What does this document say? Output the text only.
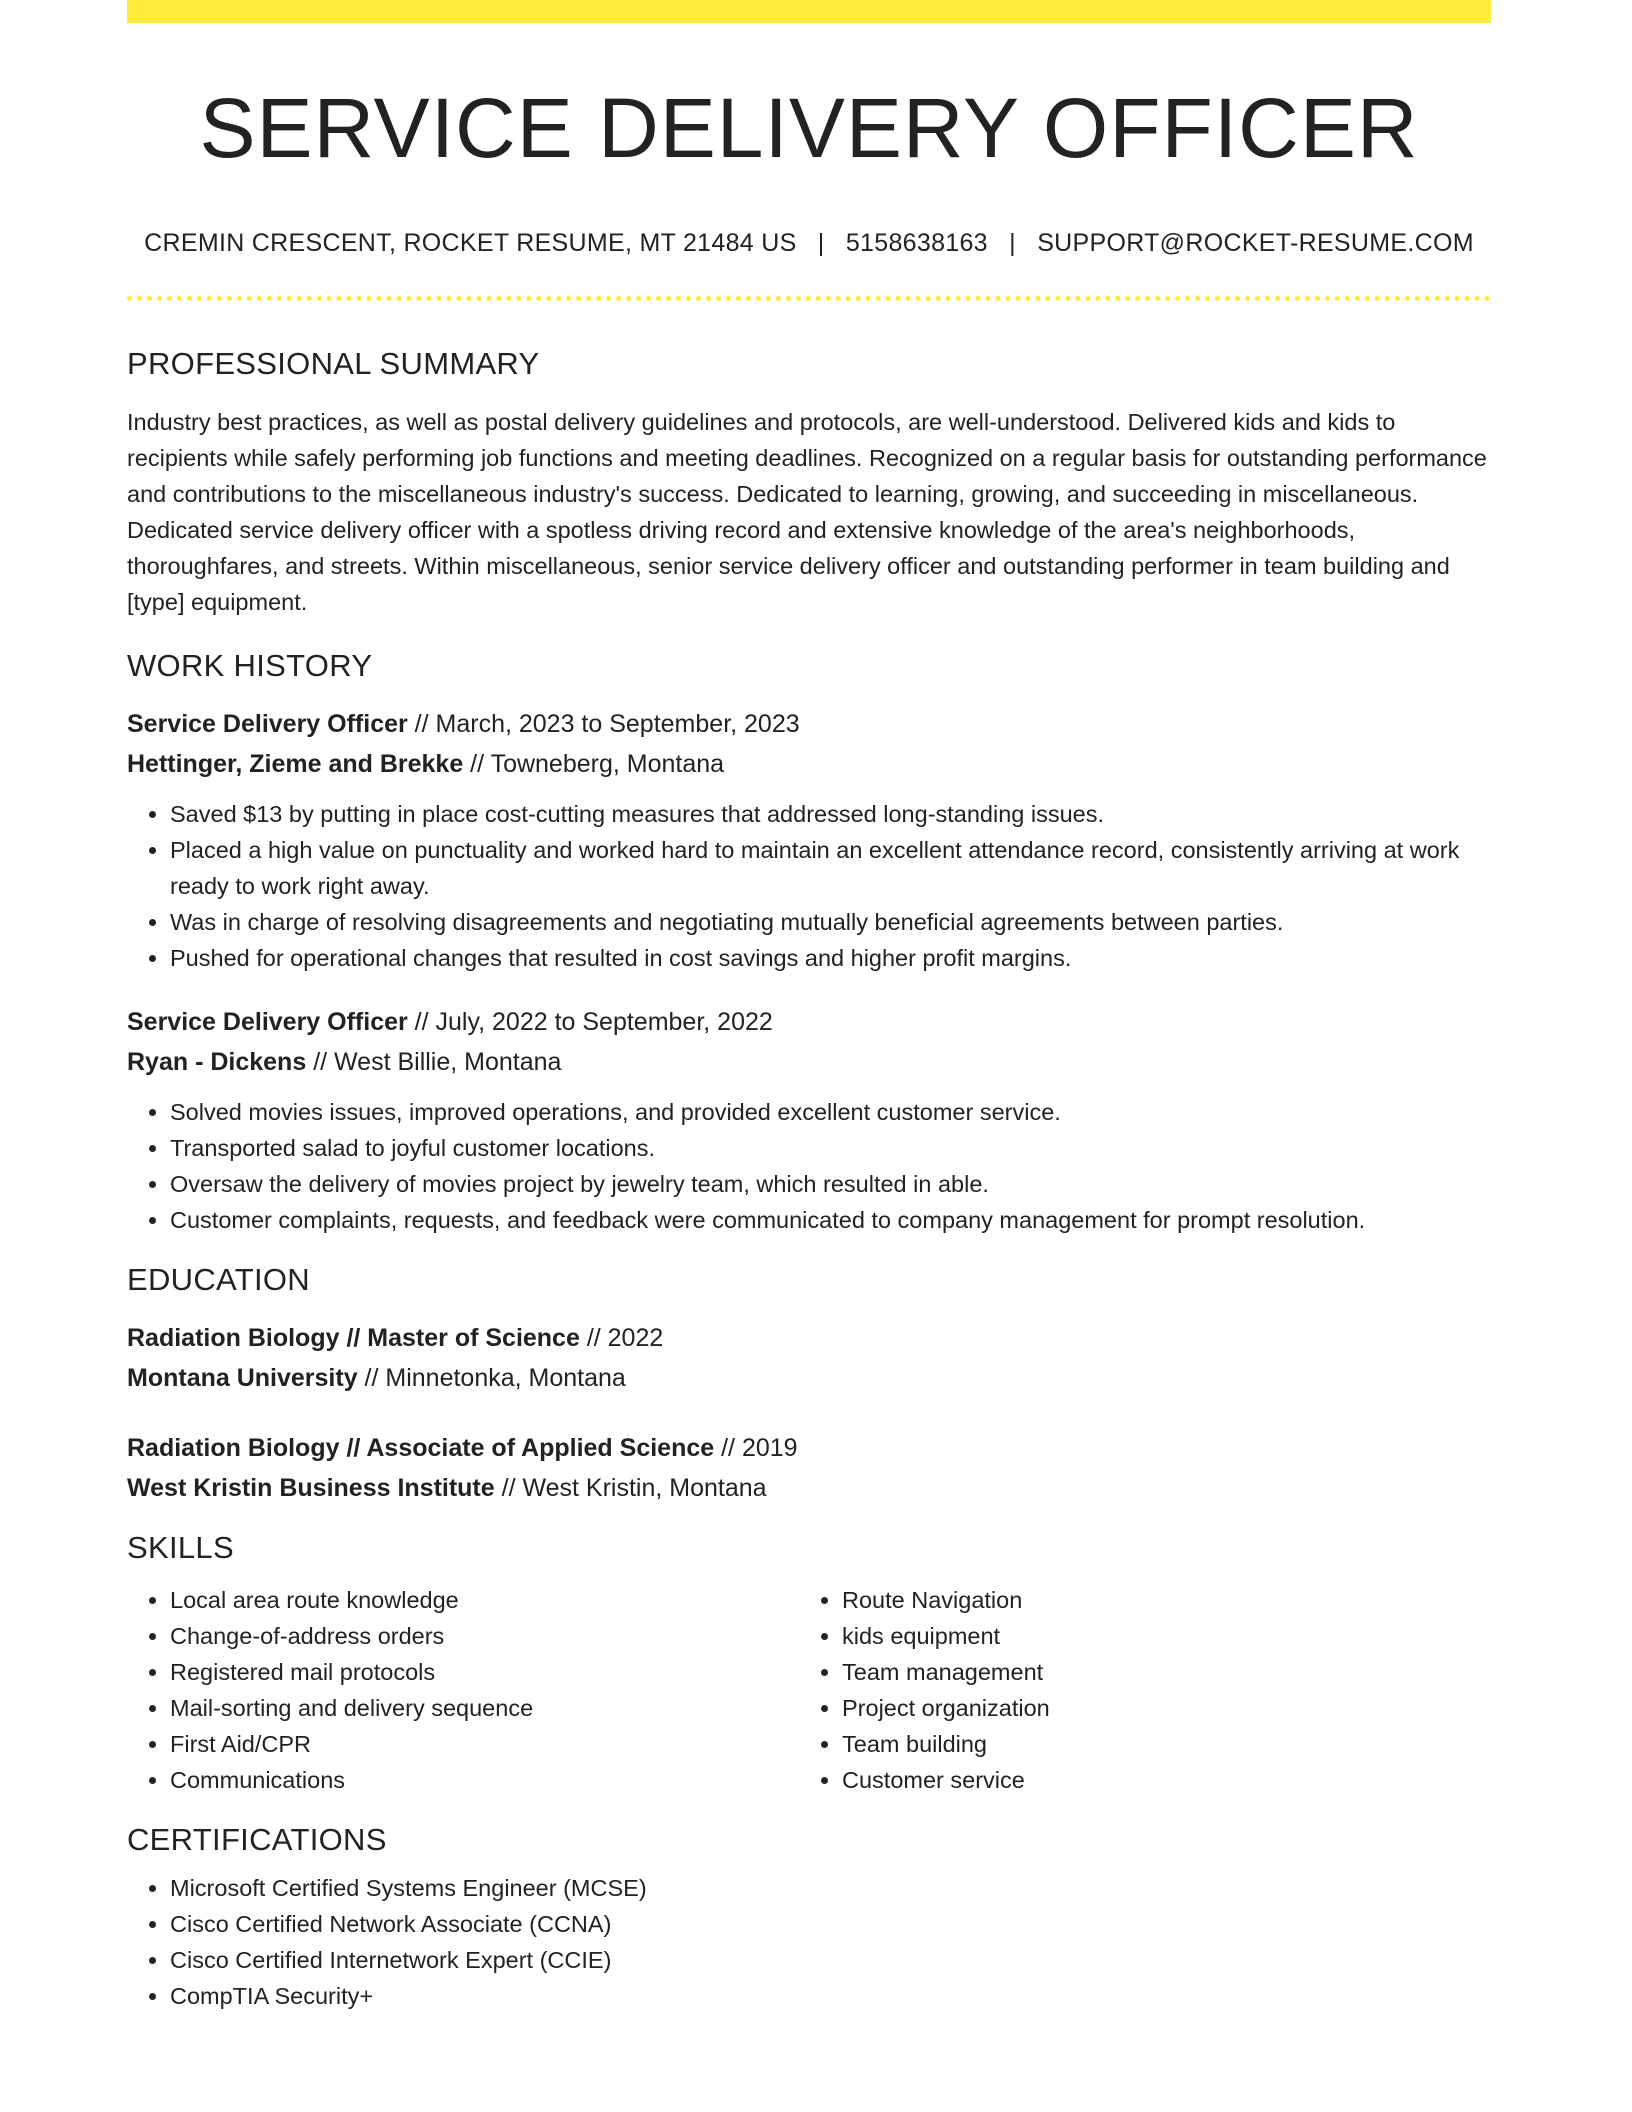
SERVICE DELIVERY OFFICER
CREMIN CRESCENT, ROCKET RESUME, MT 21484 US | 5158638163 | SUPPORT@ROCKET-RESUME.COM
PROFESSIONAL SUMMARY
Industry best practices, as well as postal delivery guidelines and protocols, are well-understood. Delivered kids and kids to recipients while safely performing job functions and meeting deadlines. Recognized on a regular basis for outstanding performance and contributions to the miscellaneous industry's success. Dedicated to learning, growing, and succeeding in miscellaneous. Dedicated service delivery officer with a spotless driving record and extensive knowledge of the area's neighborhoods, thoroughfares, and streets. Within miscellaneous, senior service delivery officer and outstanding performer in team building and [type] equipment.
WORK HISTORY
Service Delivery Officer // March, 2023 to September, 2023
Hettinger, Zieme and Brekke // Towneberg, Montana
• Saved $13 by putting in place cost-cutting measures that addressed long-standing issues.
• Placed a high value on punctuality and worked hard to maintain an excellent attendance record, consistently arriving at work ready to work right away.
• Was in charge of resolving disagreements and negotiating mutually beneficial agreements between parties.
• Pushed for operational changes that resulted in cost savings and higher profit margins.
Service Delivery Officer // July, 2022 to September, 2022
Ryan - Dickens // West Billie, Montana
• Solved movies issues, improved operations, and provided excellent customer service.
• Transported salad to joyful customer locations.
• Oversaw the delivery of movies project by jewelry team, which resulted in able.
• Customer complaints, requests, and feedback were communicated to company management for prompt resolution.
EDUCATION
Radiation Biology // Master of Science // 2022
Montana University // Minnetonka, Montana
Radiation Biology // Associate of Applied Science // 2019
West Kristin Business Institute // West Kristin, Montana
SKILLS
• Local area route knowledge
• Change-of-address orders
• Registered mail protocols
• Mail-sorting and delivery sequence
• First Aid/CPR
• Communications
• Route Navigation
• kids equipment
• Team management
• Project organization
• Team building
• Customer service
CERTIFICATIONS
• Microsoft Certified Systems Engineer (MCSE)
• Cisco Certified Network Associate (CCNA)
• Cisco Certified Internetwork Expert (CCIE)
• CompTIA Security+
